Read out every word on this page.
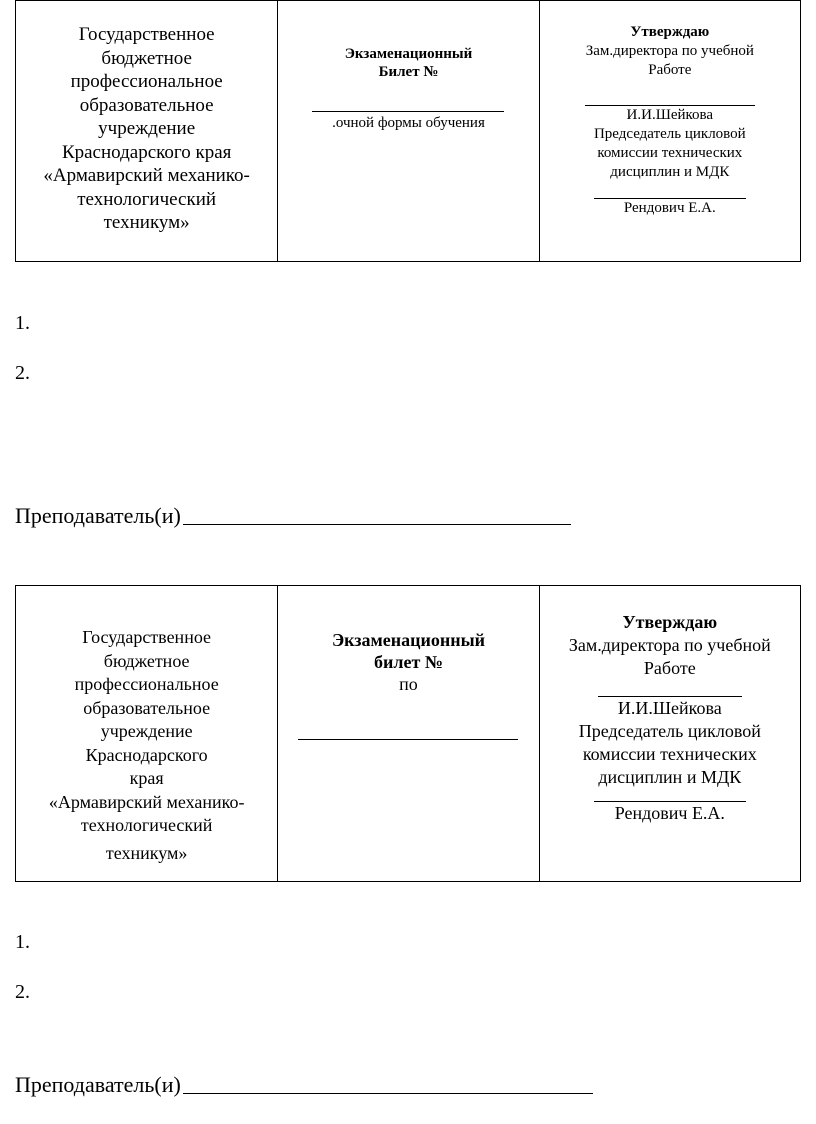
Государственное
бюджетное
профессиональное
образовательное
учреждение
Краснодарского края
«Армавирский механико-
технологический
техникум»
Экзаменационный
Билет №
.очной формы обучения
Утверждаю
Зам.директора по учебной
Работе
И.И.Шейкова
Председатель цикловой
комиссии технических
дисциплин и МДК
Рендович Е.А.
1.
2.
Преподаватель(и)
Государственное
бюджетное
профессиональное
образовательное
учреждение
Краснодарского
края
«Армавирский механико-
технологический
техникум»
Экзаменационный
билет №
по
Утверждаю
Зам.директора по учебной
Работе
И.И.Шейкова
Председатель цикловой
комиссии технических
дисциплин и МДК
Рендович Е.А.
1.
2.
Преподаватель(и)
